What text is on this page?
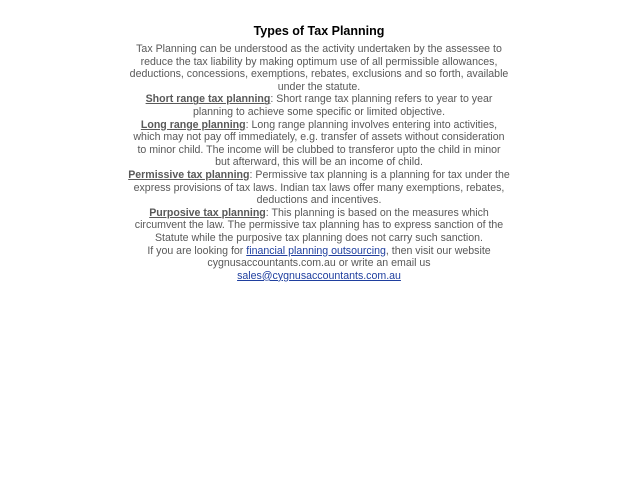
Types of Tax Planning

Tax Planning can be understood as the activity undertaken by the assessee to
reduce the tax liability by making optimum use of all permissible allowances,
deductions, concessions, exemptions, rebates, exclusions and so forth, available
under the statute.

Short range tax planning: Short range tax planning refers to year to year
planning to achieve some specific or limited objective.

Long range planning: Long range planning involves entering into activities,
which may not pay off immediately, e.g. transfer of assets without consideration
to minor child. The income will be clubbed to transferor upto the child in minor
but afterward, this will be an income of child.

Permissive tax planning: Permissive tax planning is a planning for tax under the
express provisions of tax laws. Indian tax laws offer many exemptions, rebates,
deductions and incentives.

Purposive tax planning: This planning is based on the measures which
circumvent the law. The permissive tax planning has to express sanction of the
Statute while the purposive tax planning does not carry such sanction.

If you are looking for financial planning outsourcing, then visit our website
cygnusaccountants.com.au or write an email us
sales@cygnusaccountants.com.au
